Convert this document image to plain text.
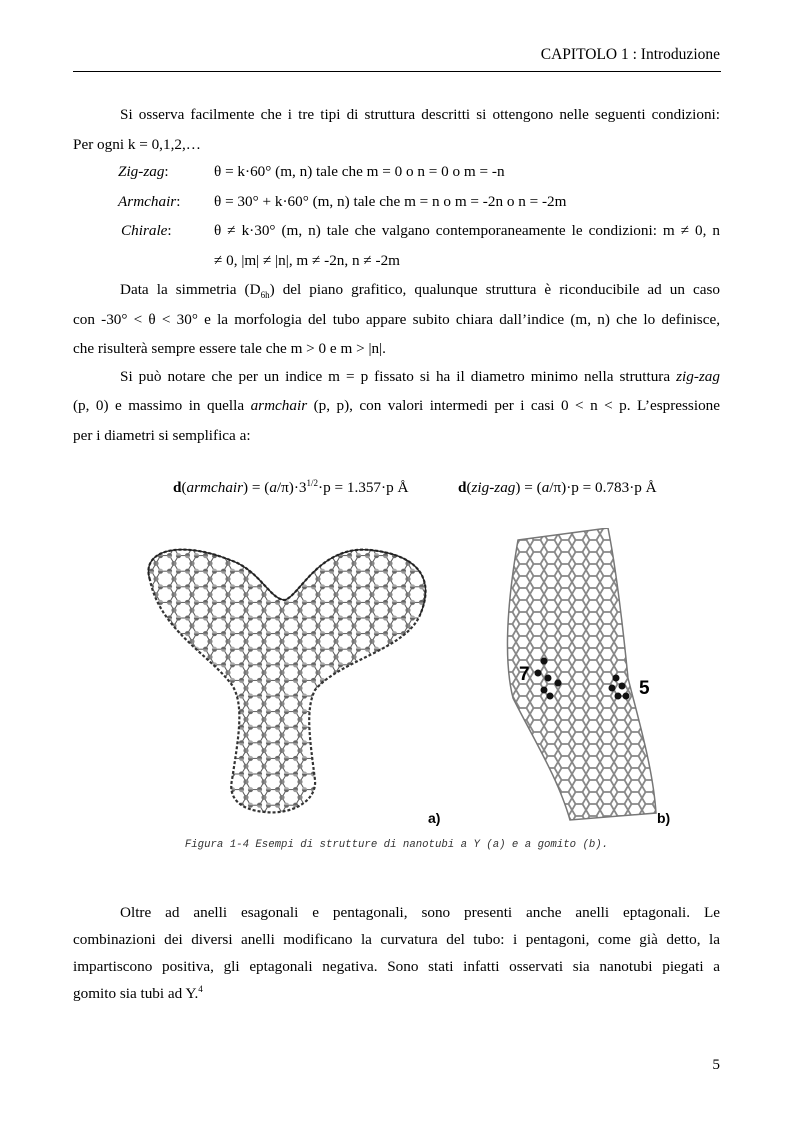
CAPITOLO 1 : Introduzione
Si osserva facilmente che i tre tipi di struttura descritti si ottengono nelle seguenti condizioni:
Per ogni k = 0,1,2,…
Zig-zag:	θ = k·60° (m, n) tale che m = 0 o n = 0 o m = -n
Armchair: θ = 30° + k·60° (m, n) tale che m = n o m = -2n o n = -2m
Chirale:	θ ≠ k·30° (m, n) tale che valgano contemporaneamente le condizioni: m ≠ 0, n
≠ 0, |m| ≠ |n|, m ≠ -2n, n ≠ -2m
Data la simmetria $(D_{6h})$ del piano grafitico, qualunque struttura è riconducibile ad un caso
con -30° < θ < 30° e la morfologia del tubo appare subito chiara dall’indice (m, n) che lo definisce,
che risulterà sempre essere tale che m > 0 e m > |n|.
Si può notare che per un indice m = p fissato si ha il diametro minimo nella struttura zig-zag
(p, 0) e massimo in quella armchair (p, p), con valori intermedi per i casi 0 < n < p. L’espressione
per i diametri si semplifica a:
d(armchair) = $(a/\pi)\cdot 3^{1/2}\cdot p = 1.357\cdot p$ Å	d(zig-zag) = (a/π)·p = 0.783·p Å
a)
7
5
b)
Figura 1-4 Esempi di strutture di nanotubi a Y (a) e a gomito (b).
Oltre ad anelli esagonali e pentagonali, sono presenti anche anelli eptagonali. Le
combinazioni dei diversi anelli modificano la curvatura del tubo: i pentagoni, come già detto, la
impartiscono positiva, gli eptagonali negativa. Sono stati infatti osservati sia nanotubi piegati a
gomito sia tubi ad Y.$^4$
5
